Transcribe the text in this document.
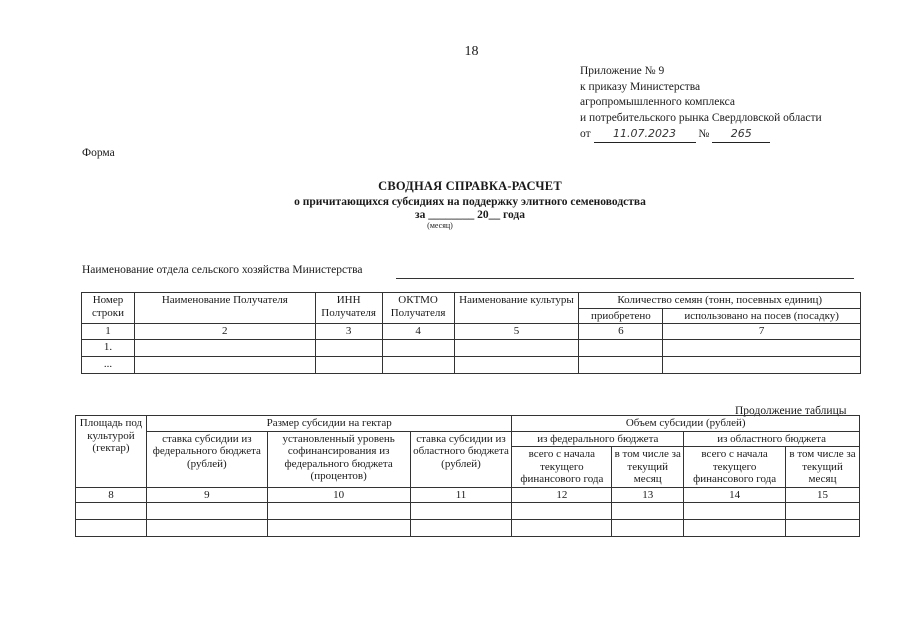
18
Приложение № 9
к приказу Министерства
агропромышленного комплекса
и потребительского рынка Свердловской области
от 11.07.2023 № 265
Форма
СВОДНАЯ СПРАВКА-РАСЧЕТ
о причитающихся субсидиях на поддержку элитного семеноводства
за ________ 20__ года
(месяц)
Наименование отдела сельского хозяйства Министерства
Номер строки	Наименование Получателя	ИНН Получателя	ОКТМО Получателя	Наименование культуры	Количество семян (тонн, посевных единиц)	
					приобретено	использовано на посев (посадку)
1	2	3	4	5	6	7
1.						
...						
Продолжение таблицы
Площадь под культурой (гектар)	Размер субсидии на гектар			Объем субсидии (рублей)			
	ставка субсидии из федерального бюджета (рублей)	установленный уровень софинансирования из федерального бюджета (процентов)	ставка субсидии из областного бюджета (рублей)	из федерального бюджета		из областного бюджета	
				всего с начала текущего финансового года	в том числе за текущий месяц	всего с начала текущего финансового года	в том числе за текущий месяц
8	9	10	11	12	13	14	15
